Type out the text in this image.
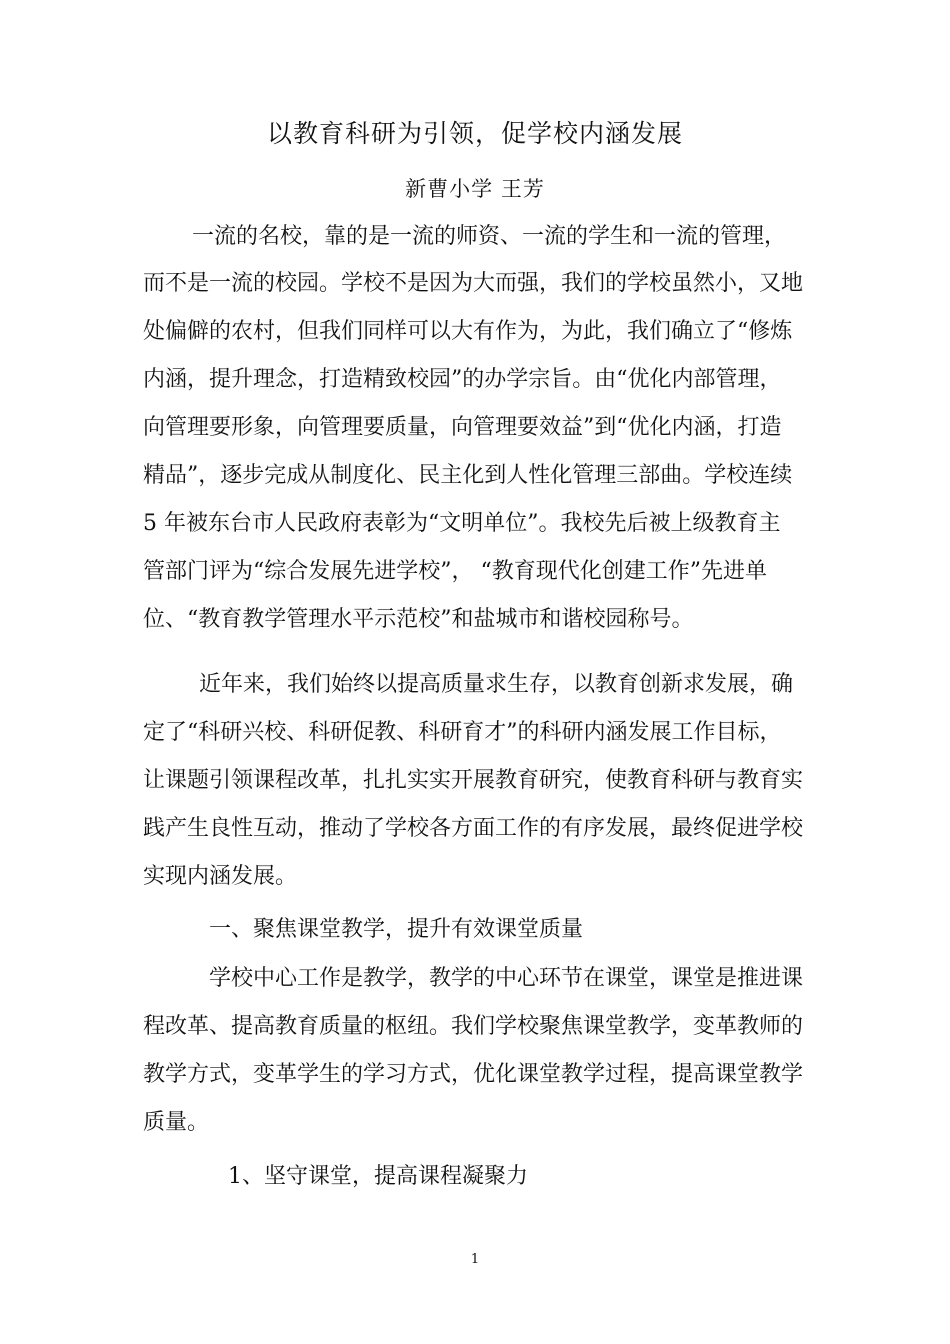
以教育科研为引领，促学校内涵发展
新曹小学 王芳
一流的名校，靠的是一流的师资、一流的学生和一流的管理，
而不是一流的校园。学校不是因为大而强，我们的学校虽然小，又地
处偏僻的农村，但我们同样可以大有作为，为此，我们确立了“修炼
内涵，提升理念，打造精致校园”的办学宗旨。由“优化内部管理，
向管理要形象，向管理要质量，向管理要效益”到“优化内涵，打造
精品”，逐步完成从制度化、民主化到人性化管理三部曲。学校连续
5 年被东台市人民政府表彰为“文明单位”。我校先后被上级教育主
管部门评为“综合发展先进学校”， “教育现代化创建工作”先进单
位、“教育教学管理水平示范校”和盐城市和谐校园称号。
近年来，我们始终以提高质量求生存，以教育创新求发展，确
定了“科研兴校、科研促教、科研育才”的科研内涵发展工作目标，
让课题引领课程改革，扎扎实实开展教育研究，使教育科研与教育实
践产生良性互动，推动了学校各方面工作的有序发展，最终促进学校
实现内涵发展。
一、聚焦课堂教学，提升有效课堂质量
学校中心工作是教学，教学的中心环节在课堂，课堂是推进课
程改革、提高教育质量的枢纽。我们学校聚焦课堂教学，变革教师的
教学方式，变革学生的学习方式，优化课堂教学过程，提高课堂教学
质量。
1、坚守课堂，提高课程凝聚力
1
